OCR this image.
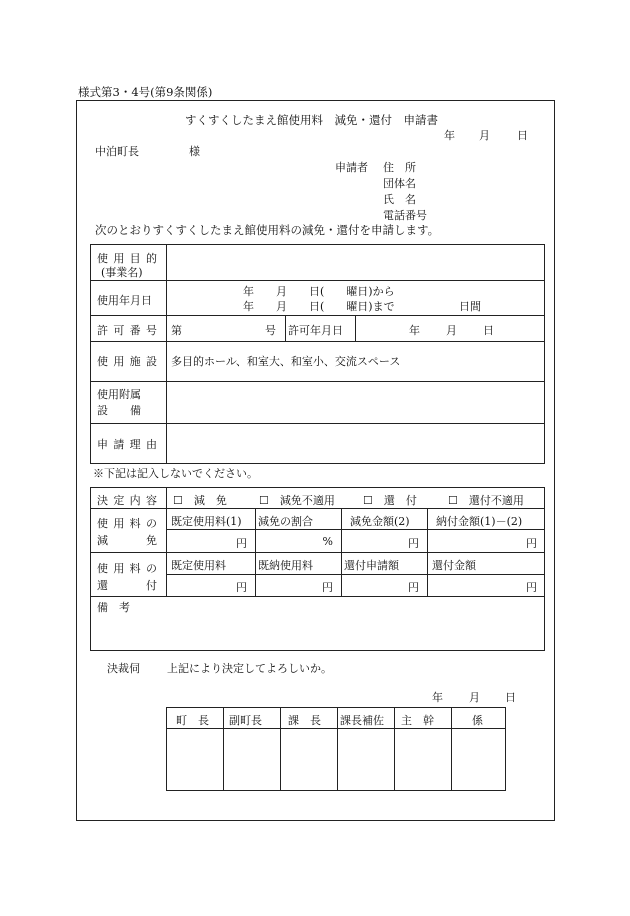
様式第3・4号(第9条関係)
すくすくしたまえ館使用料　減免・還付　申請書
年 月 日
中泊町長	様
申請者 住　所
団体名
氏　名
電話番号
次のとおりすくすくしたまえ館使用料の減免・還付を申請します。
使 用 目 的
(事業名)
使用年月日
年　　月　　日(　　曜日)から
年　　月　　日(　　曜日)まで	日間
許 可 番 号 第	号 許可年月日	年 月 日
使 用 施 設 多目的ホール、和室大、和室小、交流スペース
使用附属
設　　備
申 請 理 由
※下記は記入しないでください。
決 定 内 容 ☐　 減　免	☐　 減免不適用	☐　 還　付	☐　 還付不適用
使 用 料 の
減	免
既定使用料(1) 減免の割合	減免金額(2) 納付金額(1)－(2)
円	%	円	円
使 用 料 の
還	付
既定使用料	既納使用料	還付申請額	還付金額
円	円	円	円
備　考
決裁伺 上記により決定してよろしいか。
年 月 日
町　長 副町長 課　長 課長補佐 主　幹	係
